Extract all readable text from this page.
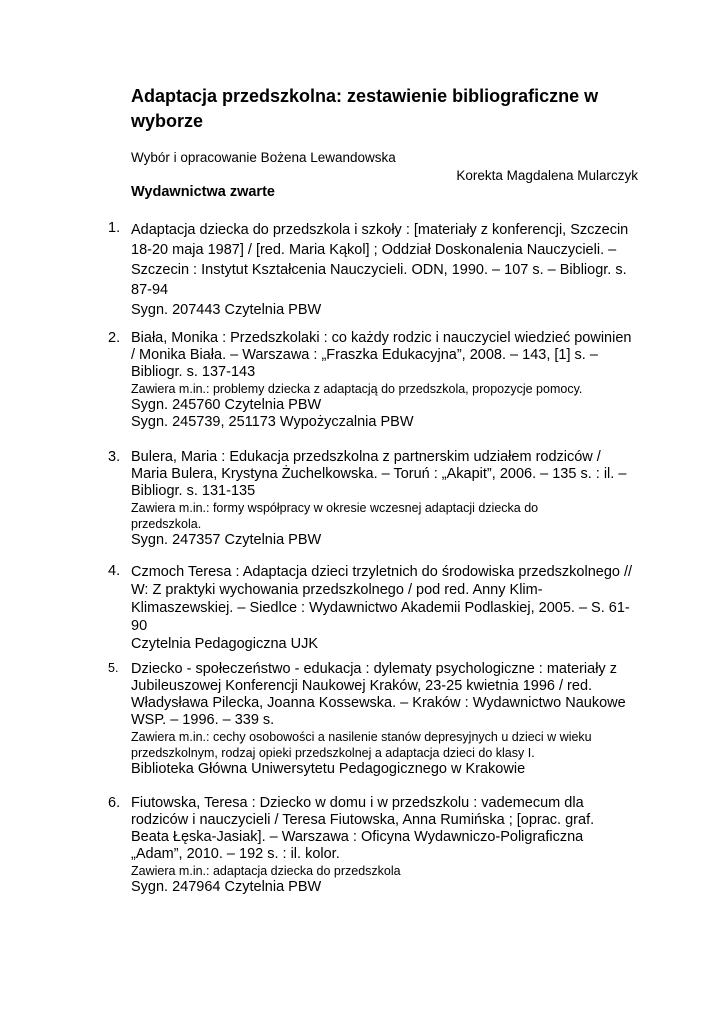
Adaptacja przedszkolna: zestawienie bibliograficzne w wyborze
Wybór i opracowanie Bożena Lewandowska
Korekta Magdalena Mularczyk
Wydawnictwa zwarte
1. Adaptacja dziecka do przedszkola i szkoły : [materiały z konferencji, Szczecin
18-20 maja 1987] / [red. Maria Kąkol] ; Oddział Doskonalenia Nauczycieli. –
Szczecin : Instytut Kształcenia Nauczycieli. ODN, 1990. – 107 s. – Bibliogr. s.
87-94
Sygn. 207443 Czytelnia PBW
2. Biała, Monika : Przedszkolaki : co każdy rodzic i nauczyciel wiedzieć powinien
/ Monika Biała. – Warszawa : „Fraszka Edukacyjna”, 2008. – 143, [1] s. –
Bibliogr. s. 137-143
Zawiera m.in.: problemy dziecka z adaptacją do przedszkola, propozycje pomocy.
Sygn. 245760 Czytelnia PBW
Sygn. 245739, 251173 Wypożyczalnia PBW
3. Bulera, Maria : Edukacja przedszkolna z partnerskim udziałem rodziców /
Maria Bulera, Krystyna Żuchelkowska. – Toruń : „Akapit”, 2006. – 135 s. : il. –
Bibliogr. s. 131-135
Zawiera m.in.: formy współpracy w okresie wczesnej adaptacji dziecka do
przedszkola.
Sygn. 247357 Czytelnia PBW
4. Czmoch Teresa : Adaptacja dzieci trzyletnich do środowiska przedszkolnego //
W: Z praktyki wychowania przedszkolnego / pod red. Anny Klim-
Klimaszewskiej. – Siedlce : Wydawnictwo Akademii Podlaskiej, 2005. – S. 61-
90
Czytelnia Pedagogiczna UJK
5. Dziecko - społeczeństwo - edukacja : dylematy psychologiczne : materiały z
Jubileuszowej Konferencji Naukowej Kraków, 23-25 kwietnia 1996 / red.
Władysława Pilecka, Joanna Kossewska. – Kraków : Wydawnictwo Naukowe
WSP. – 1996. – 339 s.
Zawiera m.in.: cechy osobowości a nasilenie stanów depresyjnych u dzieci w wieku
przedszkolnym, rodzaj opieki przedszkolnej a adaptacja dzieci do klasy I.
Biblioteka Główna Uniwersytetu Pedagogicznego w Krakowie
6. Fiutowska, Teresa : Dziecko w domu i w przedszkolu : vademecum dla
rodziców i nauczycieli / Teresa Fiutowska, Anna Rumińska ; [oprac. graf.
Beata Łęska-Jasiak]. – Warszawa : Oficyna Wydawniczo-Poligraficzna
„Adam”, 2010. – 192 s. : il. kolor.
Zawiera m.in.: adaptacja dziecka do przedszkola
Sygn. 247964 Czytelnia PBW
